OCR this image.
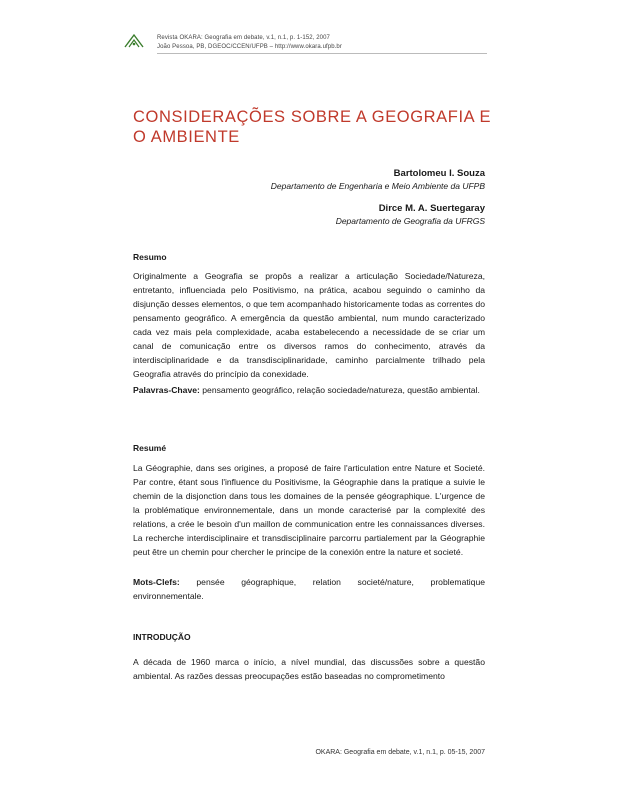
Revista OKARA: Geografia em debate, v.1, n.1, p. 1-152, 2007
João Pessoa, PB, DGEOC/CCEN/UFPB – http://www.okara.ufpb.br
CONSIDERAÇÕES SOBRE A GEOGRAFIA E O AMBIENTE
Bartolomeu I. Souza
Departamento de Engenharia e Meio Ambiente da UFPB
Dirce M. A. Suertegaray
Departamento de Geografia da UFRGS
Resumo

Originalmente a Geografia se propôs a realizar a articulação Sociedade/Natureza, entretanto, influenciada pelo Positivismo, na prática, acabou seguindo o caminho da disjunção desses elementos, o que tem acompanhado historicamente todas as correntes do pensamento geográfico. A emergência da questão ambiental, num mundo caracterizado cada vez mais pela complexidade, acaba estabelecendo a necessidade de se criar um canal de comunicação entre os diversos ramos do conhecimento, através da interdisciplinaridade e da transdisciplinaridade, caminho parcialmente trilhado pela Geografia através do princípio da conexidade.

Palavras-Chave: pensamento geográfico, relação sociedade/natureza, questão ambiental.

Resumé

La Géographie, dans ses origines, a proposé de faire l'articulation entre Nature et Societé. Par contre, étant sous l'influence du Positivisme, la Géographie dans la pratique a suivie le chemin de la disjonction dans tous les domaines de la pensée géographique. L'urgence de la problématique environnementale, dans un monde caracterisé par la complexité des relations, a crée le besoin d'un maillon de communication entre les connaissances diverses. La recherche interdisciplinaire et transdisciplinaire parcorru partialement par la Géographie peut être un chemin pour chercher le principe de la conexión entre la nature et societé.

Mots-Clefs: pensée géographique, relation societé/nature, problematique environnementale.

INTRODUÇÃO

A década de 1960 marca o início, a nível mundial, das discussões sobre a questão ambiental. As razões dessas preocupações estão baseadas no comprometimento

OKARA: Geografia em debate, v.1, n.1, p. 05-15, 2007
